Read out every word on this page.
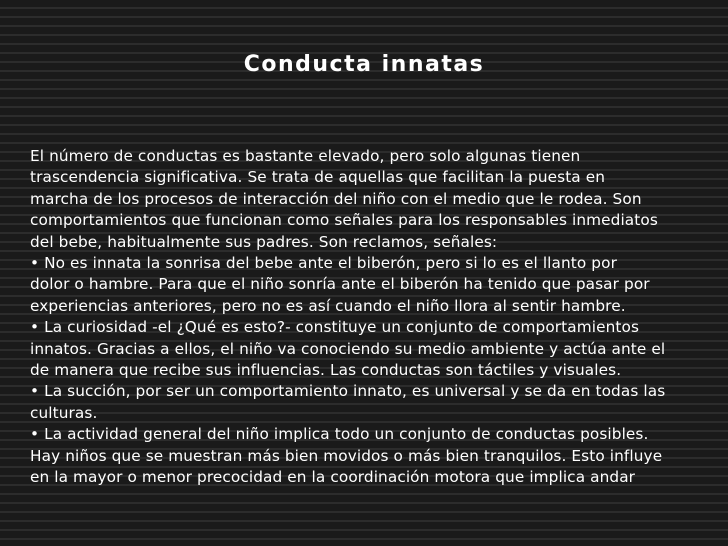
Conducta innatas
El número de conductas es bastante elevado, pero solo algunas tienen
trascendencia significativa. Se trata de aquellas que facilitan la puesta en
marcha de los procesos de interacción del niño con el medio que le rodea. Son
comportamientos que funcionan como señales para los responsables inmediatos
del bebe, habitualmente sus padres. Son reclamos, señales:
• No es innata la sonrisa del bebe ante el biberón, pero si lo es el llanto por
dolor o hambre. Para que el niño sonría ante el biberón ha tenido que pasar por
experiencias anteriores, pero no es así cuando el niño llora al sentir hambre.
• La curiosidad -el ¿Qué es esto?- constituye un conjunto de comportamientos
innatos. Gracias a ellos, el niño va conociendo su medio ambiente y actúa ante el
de manera que recibe sus influencias. Las conductas son táctiles y visuales.
• La succión, por ser un comportamiento innato, es universal y se da en todas las
culturas.
• La actividad general del niño implica todo un conjunto de conductas posibles.
Hay niños que se muestran más bien movidos o más bien tranquilos. Esto influye
en la mayor o menor precocidad en la coordinación motora que implica andar
